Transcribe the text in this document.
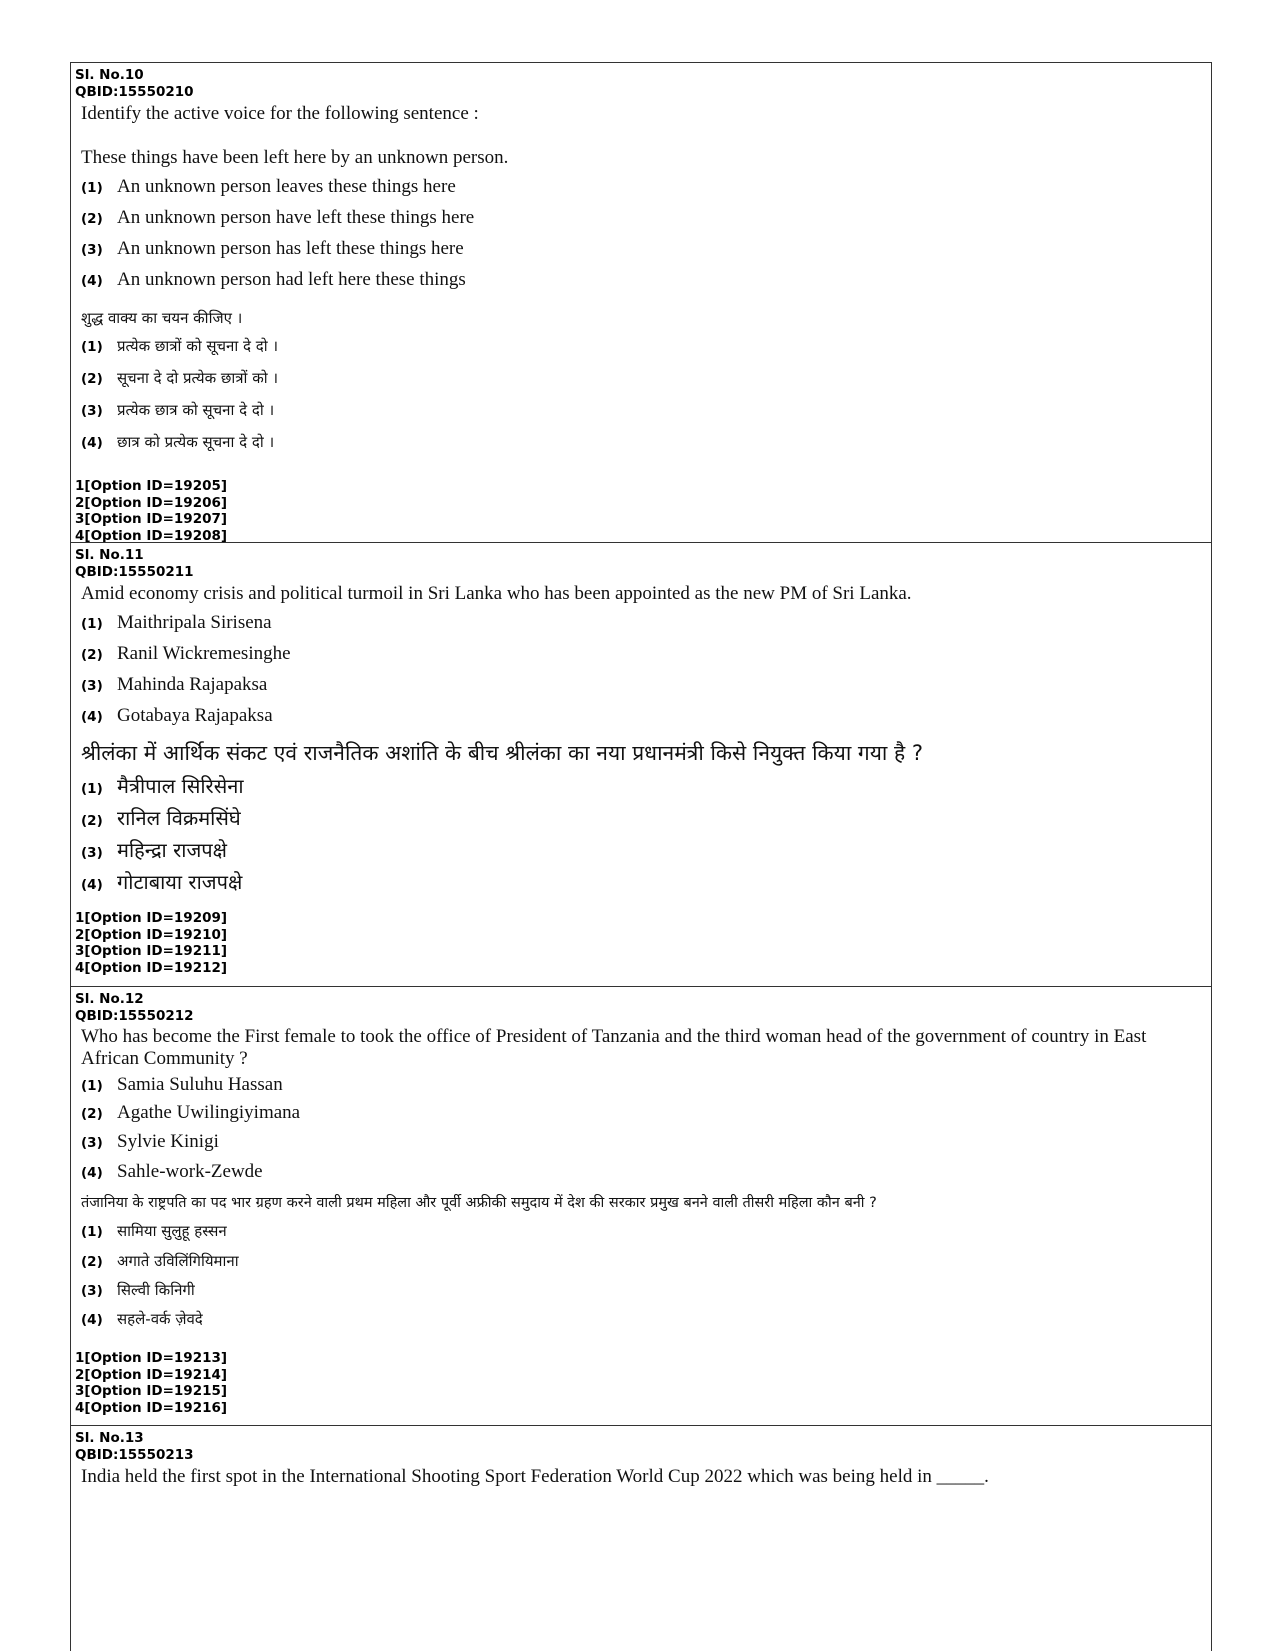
Sl. No.10
QBID:15550210
Identify the active voice for the following sentence :
These things have been left here by an unknown person.
(1) An unknown person leaves these things here
(2) An unknown person have left these things here
(3) An unknown person has left these things here
(4) An unknown person had left here these things
शुद्ध वाक्य का चयन कीजिए ।
(1) प्रत्येक छात्रों को सूचना दे दो ।
(2) सूचना दे दो प्रत्येक छात्रों को ।
(3) प्रत्येक छात्र को सूचना दे दो ।
(4) छात्र को प्रत्येक सूचना दे दो ।
1[Option ID=19205]
2[Option ID=19206]
3[Option ID=19207]
4[Option ID=19208]
Sl. No.11
QBID:15550211
Amid economy crisis and political turmoil in Sri Lanka who has been appointed as the new PM of Sri Lanka.
(1) Maithripala Sirisena
(2) Ranil Wickremesinghe
(3) Mahinda Rajapaksa
(4) Gotabaya Rajapaksa
श्रीलंका में आर्थिक संकट एवं राजनैतिक अशांति के बीच श्रीलंका का नया प्रधानमंत्री किसे नियुक्त किया गया है ?
(1) मैत्रीपाल सिरिसेना
(2) रानिल विक्रमसिंघे
(3) महिन्द्रा राजपक्षे
(4) गोटाबाया राजपक्षे
1[Option ID=19209]
2[Option ID=19210]
3[Option ID=19211]
4[Option ID=19212]
Sl. No.12
QBID:15550212
Who has become the First female to took the office of President of Tanzania and the third woman head of the government of country in East African Community ?
(1) Samia Suluhu Hassan
(2) Agathe Uwilingiyimana
(3) Sylvie Kinigi
(4) Sahle-work-Zewde
तंजानिया के राष्ट्रपति का पद भार ग्रहण करने वाली प्रथम महिला और पूर्वी अफ्रीकी समुदाय में देश की सरकार प्रमुख बनने वाली तीसरी महिला कौन बनी ?
(1) सामिया सुलुहू हस्सन
(2) अगाते उविलिंगियिमाना
(3) सिल्वी किनिगी
(4) सहले-वर्क ज़ेवदे
1[Option ID=19213]
2[Option ID=19214]
3[Option ID=19215]
4[Option ID=19216]
Sl. No.13
QBID:15550213
India held the first spot in the International Shooting Sport Federation World Cup 2022 which was being held in _____.
